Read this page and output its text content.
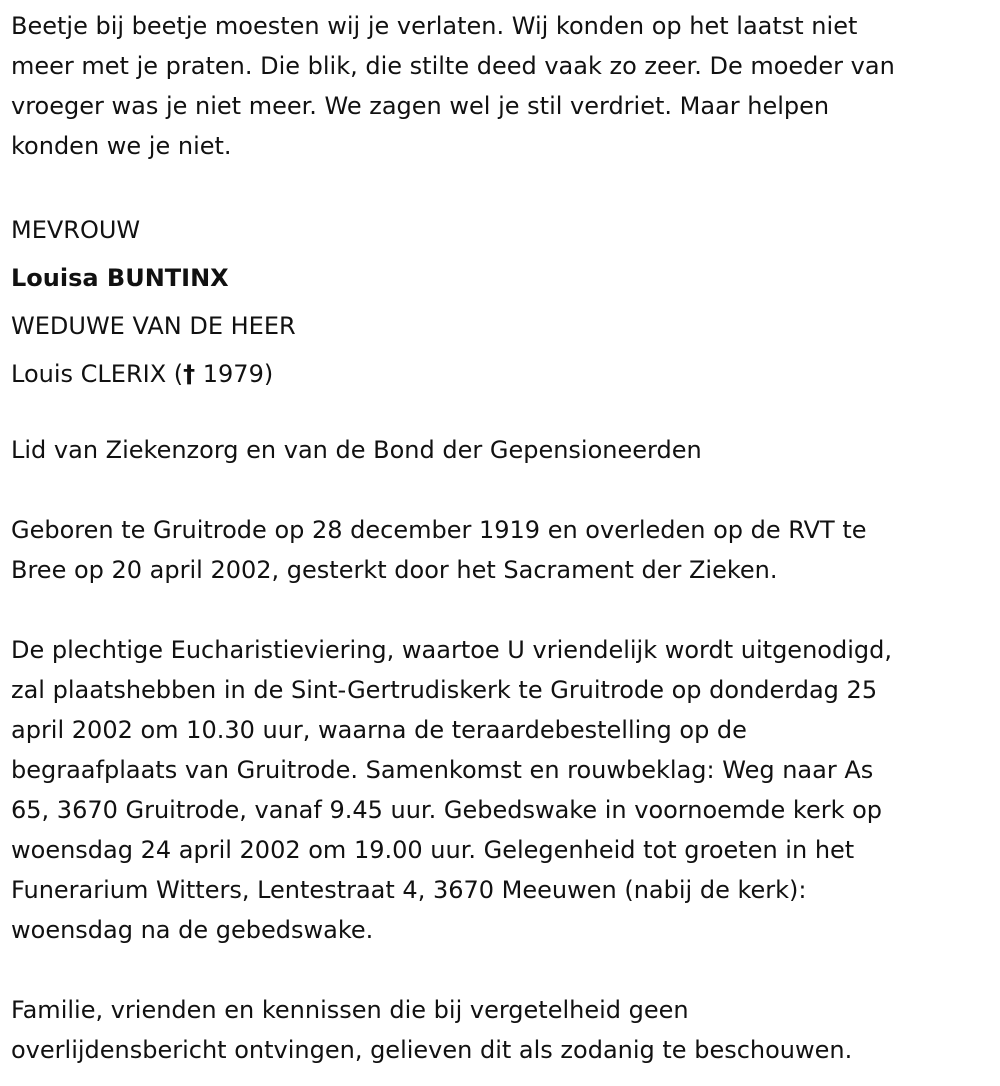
Beetje bij beetje moesten wij je verlaten. Wij konden op het laatst niet
meer met je praten. Die blik, die stilte deed vaak zo zeer. De moeder van
vroeger was je niet meer. We zagen wel je stil verdriet. Maar helpen
konden we je niet.
MEVROUW
Louisa BUNTINX
WEDUWE VAN DE HEER
Louis CLERIX († 1979)
Lid van Ziekenzorg en van de Bond der Gepensioneerden
Geboren te Gruitrode op 28 december 1919 en overleden op de RVT te
Bree op 20 april 2002, gesterkt door het Sacrament der Zieken.
De plechtige Eucharistieviering, waartoe U vriendelijk wordt uitgenodigd,
zal plaatshebben in de Sint-Gertrudiskerk te Gruitrode op donderdag 25
april 2002 om 10.30 uur, waarna de teraardebestelling op de
begraafplaats van Gruitrode. Samenkomst en rouwbeklag: Weg naar As
65, 3670 Gruitrode, vanaf 9.45 uur. Gebedswake in voornoemde kerk op
woensdag 24 april 2002 om 19.00 uur. Gelegenheid tot groeten in het
Funerarium Witters, Lentestraat 4, 3670 Meeuwen (nabij de kerk):
woensdag na de gebedswake.
Familie, vrienden en kennissen die bij vergetelheid geen
overlijdensbericht ontvingen, gelieven dit als zodanig te beschouwen.
